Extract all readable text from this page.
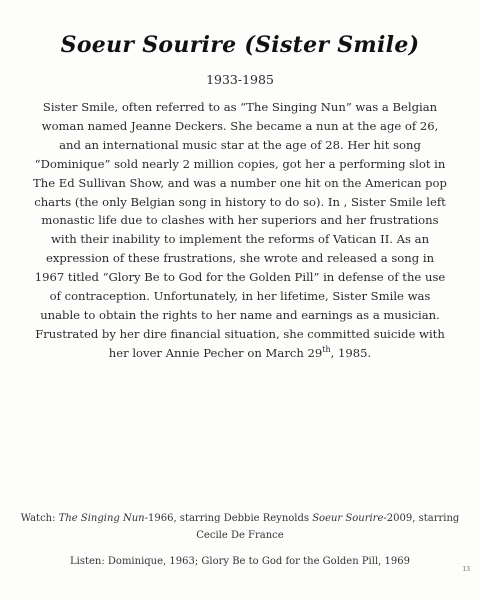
Soeur Sourire (Sister Smile)
1933-1985
Sister Smile, often referred to as “The Singing Nun” was a Belgian woman named Jeanne Deckers. She became a nun at the age of 26, and an international music star at the age of 28. Her hit song “Dominique” sold nearly 2 million copies, got her a performing slot in The Ed Sullivan Show, and was a number one hit on the American pop charts (the only Belgian song in history to do so). In , Sister Smile left monastic life due to clashes with her superiors and her frustrations with their inability to implement the reforms of Vatican II. As an expression of these frustrations, she wrote and released a song in 1967 titled “Glory Be to God for the Golden Pill” in defense of the use of contraception. Unfortunately, in her lifetime, Sister Smile was unable to obtain the rights to her name and earnings as a musician. Frustrated by her dire financial situation, she committed suicide with her lover Annie Pecher on March 29th, 1985.
Watch: The Singing Nun-1966, starring Debbie Reynolds Soeur Sourire-2009, starring Cecile De France
Listen: Dominique, 1963; Glory Be to God for the Golden Pill, 1969
13
